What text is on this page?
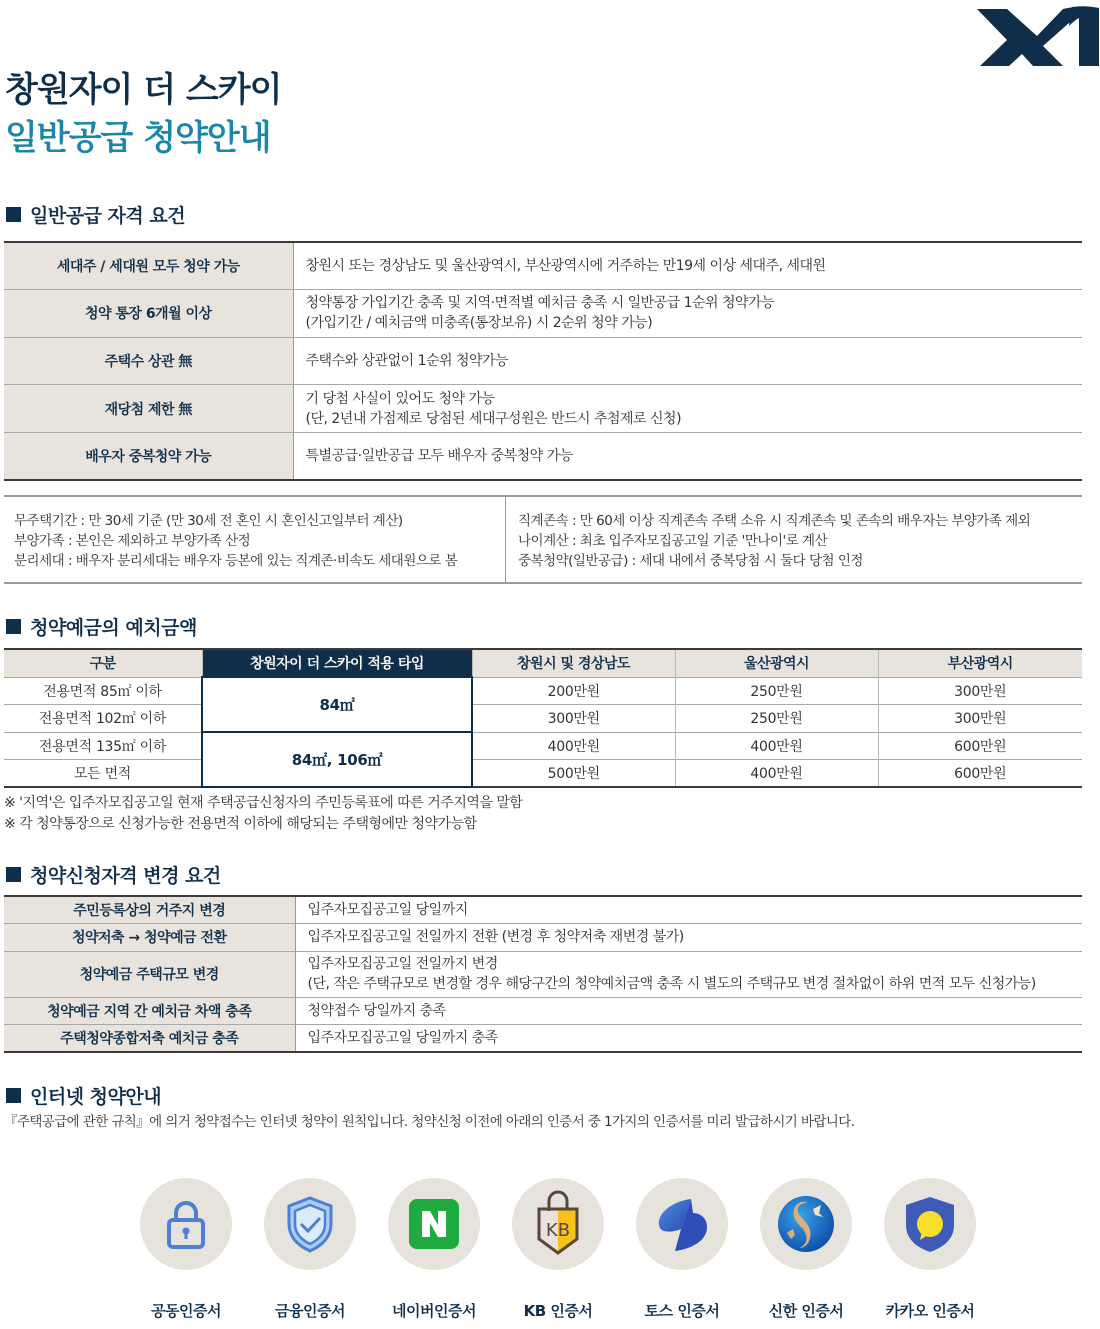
창원자이 더 스카이
일반공급 청약안내
일반공급 자격 요건
세대주 / 세대원 모두 청약 가능	창원시 또는 경상남도 및 울산광역시, 부산광역시에 거주하는 만19세 이상 세대주, 세대원

청약 통장 6개월 이상	청약통장 가입기간 충족 및 지역·면적별 예치금 충족 시 일반공급 1순위 청약가능
(가입기간 / 예치금액 미충족(통장보유) 시 2순위 청약 가능)

주택수 상관 無	주택수와 상관없이 1순위 청약가능

재당첨 제한 無	기 당첨 사실이 있어도 청약 가능
(단, 2년내 가점제로 당첨된 세대구성원은 반드시 추첨제로 신청)

배우자 중복청약 가능	특별공급·일반공급 모두 배우자 중복청약 가능
무주택기간 : 만 30세 기준 (만 30세 전 혼인 시 혼인신고일부터 계산)
부양가족 : 본인은 제외하고 부양가족 산정
분리세대 : 배우자 분리세대는 배우자 등본에 있는 직계존·비속도 세대원으로 봄
직계존속 : 만 60세 이상 직계존속 주택 소유 시 직계존속 및 존속의 배우자는 부양가족 제외
나이계산 : 최초 입주자모집공고일 기준 '만나이'로 계산
중복청약(일반공급) : 세대 내에서 중복당첨 시 둘다 당첨 인정
청약예금의 예치금액
구분	창원자이 더 스카이 적용 타입	창원시 및 경상남도	울산광역시	부산광역시
전용면적 85㎡ 이하	84㎡	200만원	250만원	300만원
전용면적 102㎡ 이하		300만원	250만원	300만원
전용면적 135㎡ 이하	84㎡, 106㎡	400만원	400만원	600만원
모든 면적		500만원	400만원	600만원
※ '지역'은 입주자모집공고일 현재 주택공급신청자의 주민등록표에 따른 거주지역을 말함
※ 각 청약통장으로 신청가능한 전용면적 이하에 해당되는 주택형에만 청약가능함
청약신청자격 변경 요건
주민등록상의 거주지 변경	입주자모집공고일 당일까지

청약저축 → 청약예금 전환	입주자모집공고일 전일까지 전환 (변경 후 청약저축 재변경 불가)

청약예금 주택규모 변경	입주자모집공고일 전일까지 변경
(단, 작은 주택규모로 변경할 경우 해당구간의 청약예치금액 충족 시 별도의 주택규모 변경 절차없이 하위 면적 모두 신청가능)

청약예금 지역 간 예치금 차액 충족	청약접수 당일까지 충족

주택청약종합저축 예치금 충족	입주자모집공고일 당일까지 충족
인터넷 청약안내
『주택공급에 관한 규칙』에 의거 청약접수는 인터넷 청약이 원칙입니다. 청약신청 이전에 아래의 인증서 중 1가지의 인증서를 미리 발급하시기 바랍니다.
공동인증서	금융인증서	네이버인증서
KB
KB 인증서	토스 인증서	신한 인증서	카카오 인증서
